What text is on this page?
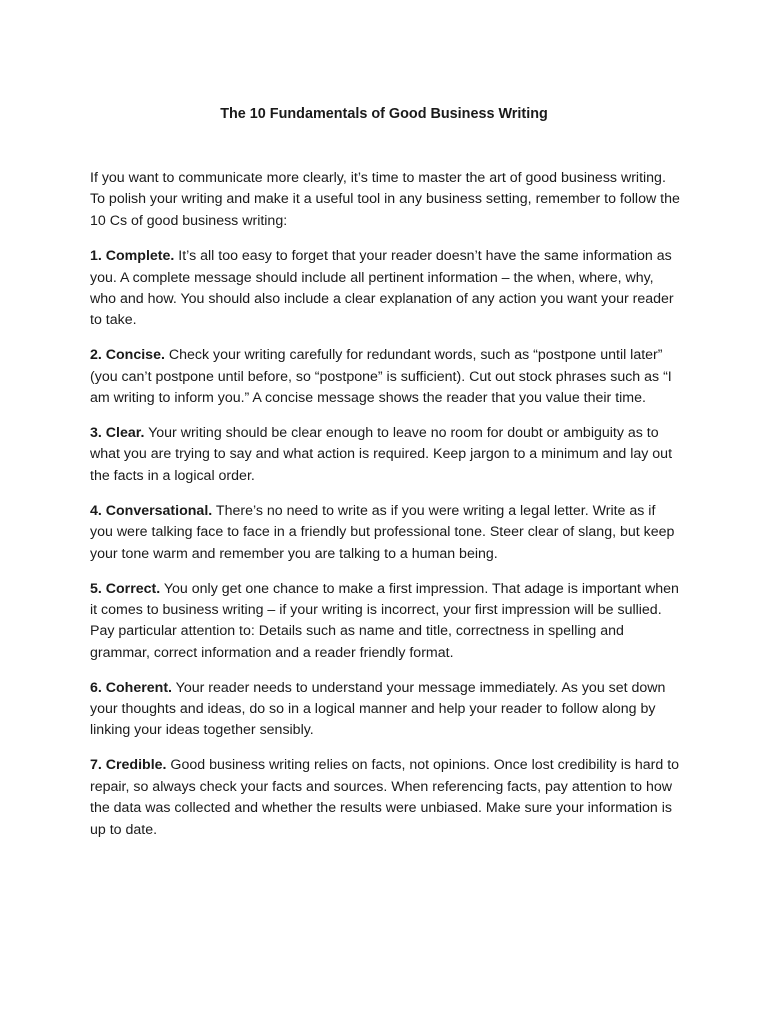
The 10 Fundamentals of Good Business Writing

If you want to communicate more clearly, it’s time to master the art of good business writing. To polish your writing and make it a useful tool in any business setting, remember to follow the 10 Cs of good business writing:

1. Complete. It’s all too easy to forget that your reader doesn’t have the same information as you. A complete message should include all pertinent information – the when, where, why, who and how. You should also include a clear explanation of any action you want your reader to take.

2. Concise. Check your writing carefully for redundant words, such as “postpone until later” (you can’t postpone until before, so “postpone” is sufficient). Cut out stock phrases such as “I am writing to inform you.” A concise message shows the reader that you value their time.

3. Clear. Your writing should be clear enough to leave no room for doubt or ambiguity as to what you are trying to say and what action is required. Keep jargon to a minimum and lay out the facts in a logical order.

4. Conversational. There’s no need to write as if you were writing a legal letter. Write as if you were talking face to face in a friendly but professional tone. Steer clear of slang, but keep your tone warm and remember you are talking to a human being.

5. Correct. You only get one chance to make a first impression. That adage is important when it comes to business writing – if your writing is incorrect, your first impression will be sullied. Pay particular attention to: Details such as name and title, correctness in spelling and grammar, correct information and a reader friendly format.

6. Coherent. Your reader needs to understand your message immediately. As you set down your thoughts and ideas, do so in a logical manner and help your reader to follow along by linking your ideas together sensibly.

7. Credible. Good business writing relies on facts, not opinions. Once lost credibility is hard to repair, so always check your facts and sources. When referencing facts, pay attention to how the data was collected and whether the results were unbiased. Make sure your information is up to date.
